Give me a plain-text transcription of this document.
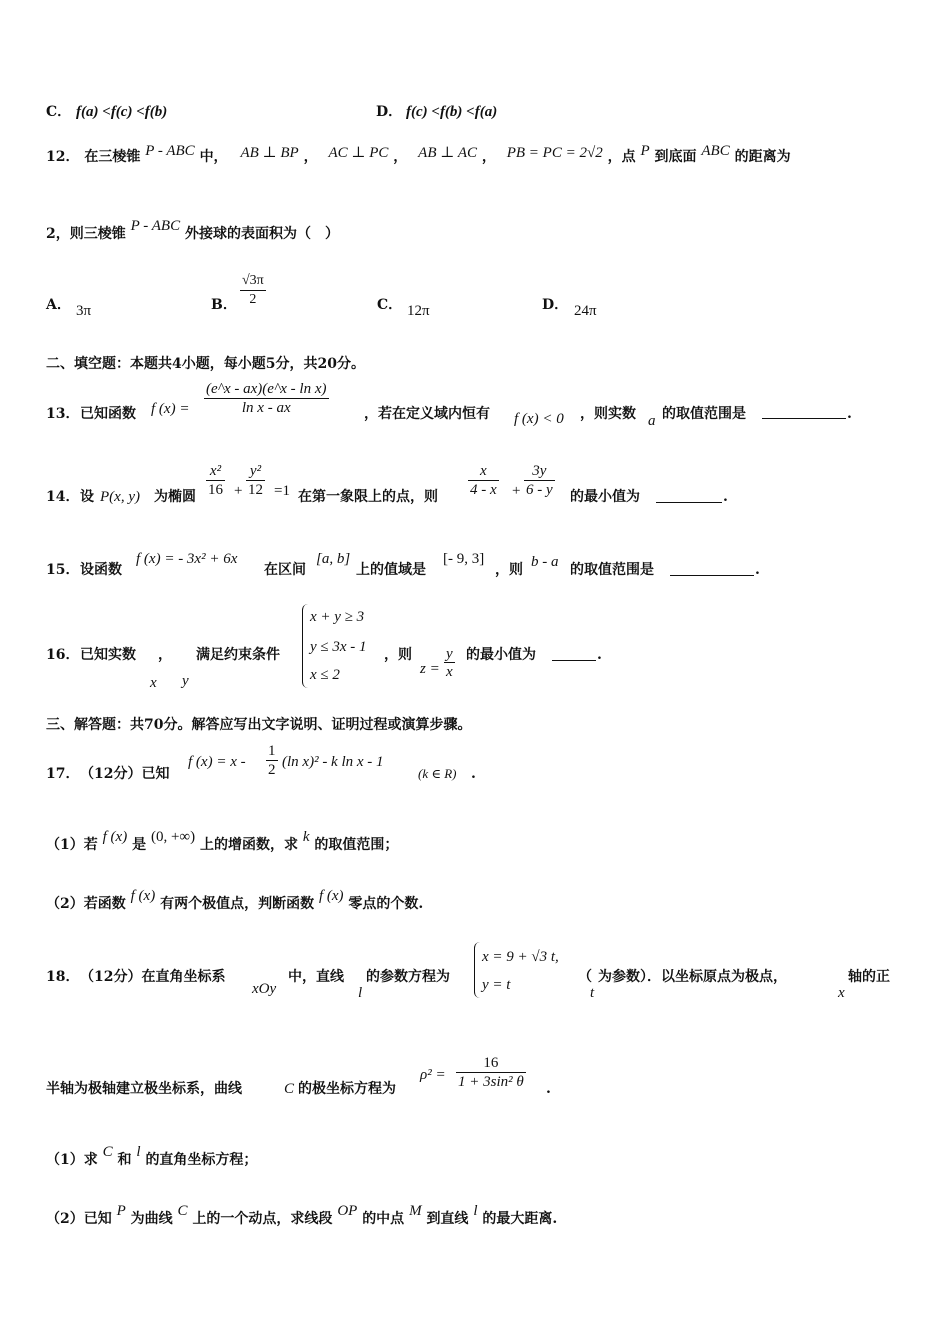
C． f(a) <f(c) <f(b)	D． f(c) <f(b) <f(a)
12． 在三棱锥 P - ABC 中， AB ⊥ BP ， AC ⊥ PC ， AB ⊥ AC ， PB = PC = 2√2 ，点 P 到底面 ABC 的距离为
2，则三棱锥 P - ABC 外接球的表面积为（　）
A． 3π	B． $\frac{√3\pi}{2}$	C． 12π	D． 24π
二、填空题：本题共4小题，每小题5分，共20分。
13． 已知函数 f $(x) = \frac{\text{(e\textasciicircum{}x - ax)(e\textasciicircum{}x - ln x)}}{\text{ln x - ax}}$	，若在定义域内恒有 f (x) < 0 ，则实数 a 的取值范围是	.
14． 设 P(x, y) 为椭圆 $\frac{\text{x²}}{16} + \frac{\text{y²}}{12} =1$ 在第一象限上的点，则 $\frac{x}{4 - x} + \frac{3y}{6 - y}$ 的最小值为	.
15． 设函数
f (x) = - 3x² + 6x
在区间
[a, b]
上的值域是
[- 9, 3]
，则 b - a 的取值范围是	.
16． 已知实数
x
，
y
满足约束条件
x + y ≥ 3
y ≤ 3x - 1
x ≤ 2
，则
$z = \frac{y}{x}$ 的最小值为	.
三、解答题：共70分。解答应写出文字说明、证明过程或演算步骤。
17． （12分）已知
f $(x) = x - \frac{1}{2} (\ln$ x)² - k ln x - 1
(k ∈ R) .
（1）若 f (x) 是 (0, +∞) 上的增函数，求 k 的取值范围；
（2）若函数 f (x) 有两个极值点，判断函数 f (x) 零点的个数.
18． （12分）在直角坐标系
xOy
中，直线
l
的参数方程为
x = 9 + √3 t,
y = t	（
t
为参数）．以坐标原点为极点，
x
轴的正
半轴为极轴建立极坐标系，曲线	C 的极坐标方程为
$\rho^2 = \frac{16}{\text{1 + 3sin² θ}}$ .
（1）求 C 和 l 的直角坐标方程；
（2）已知 P 为曲线 C 上的一个动点，求线段 OP 的中点 M 到直线 l 的最大距离.
